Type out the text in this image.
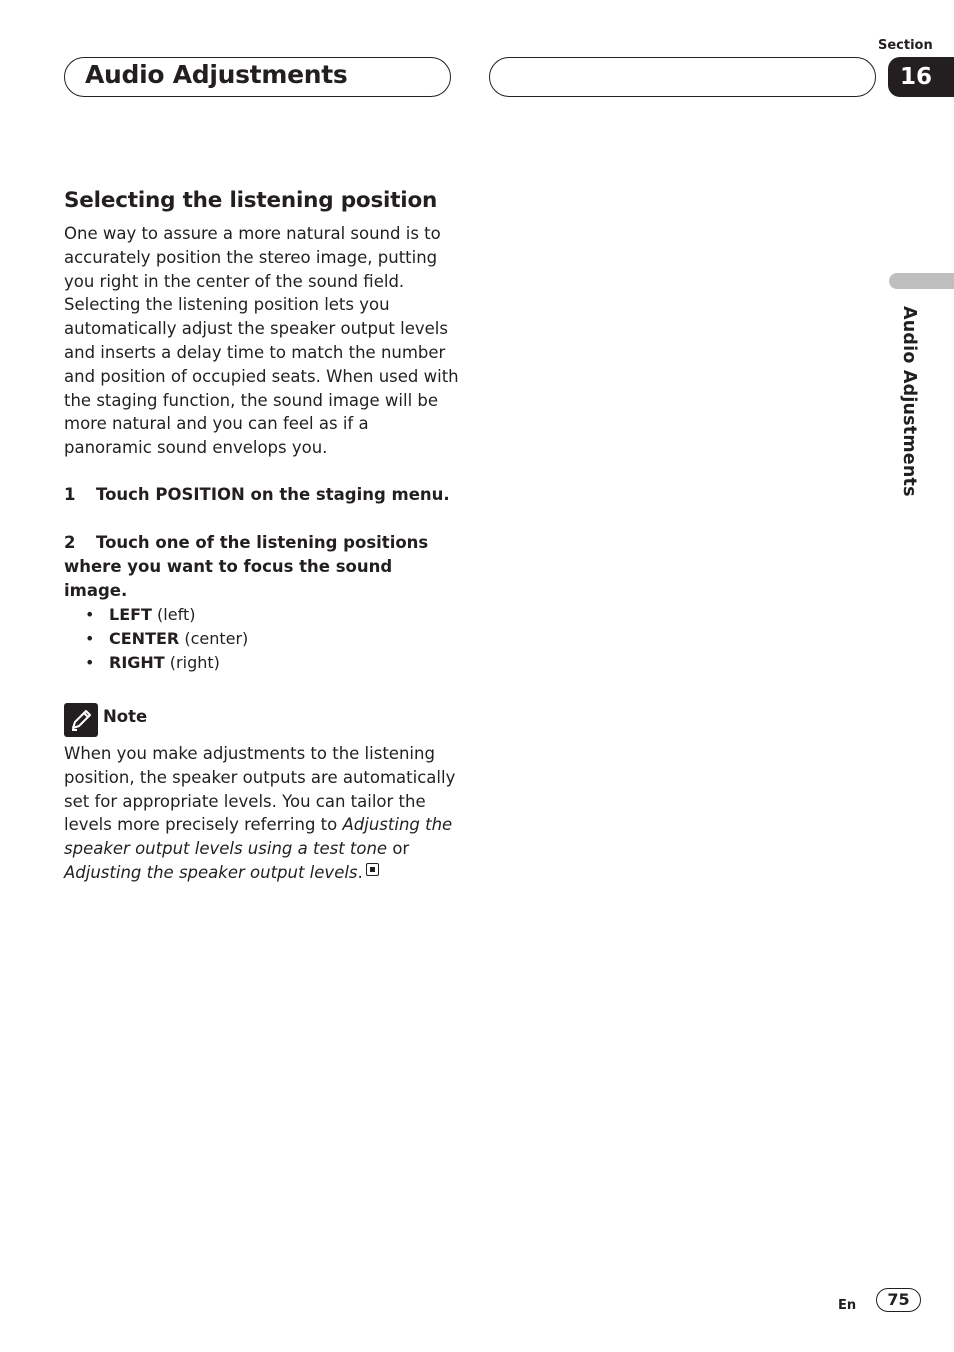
Audio Adjustments
Section
16
Audio Adjustments
Selecting the listening position

One way to assure a more natural sound is to accurately position the stereo image, putting you right in the center of the sound field. Selecting the listening position lets you automatically adjust the speaker output levels and inserts a delay time to match the number and position of occupied seats. When used with the staging function, the sound image will be more natural and you can feel as if a panoramic sound envelops you.

1 Touch POSITION on the staging menu.

2 Touch one of the listening positions where you want to focus the sound image.

• LEFT (left)
• CENTER (center)
• RIGHT (right)
Note

When you make adjustments to the listening position, the speaker outputs are automatically set for appropriate levels. You can tailor the levels more precisely referring to Adjusting the speaker output levels using a test tone or Adjusting the speaker output levels.

En	75
